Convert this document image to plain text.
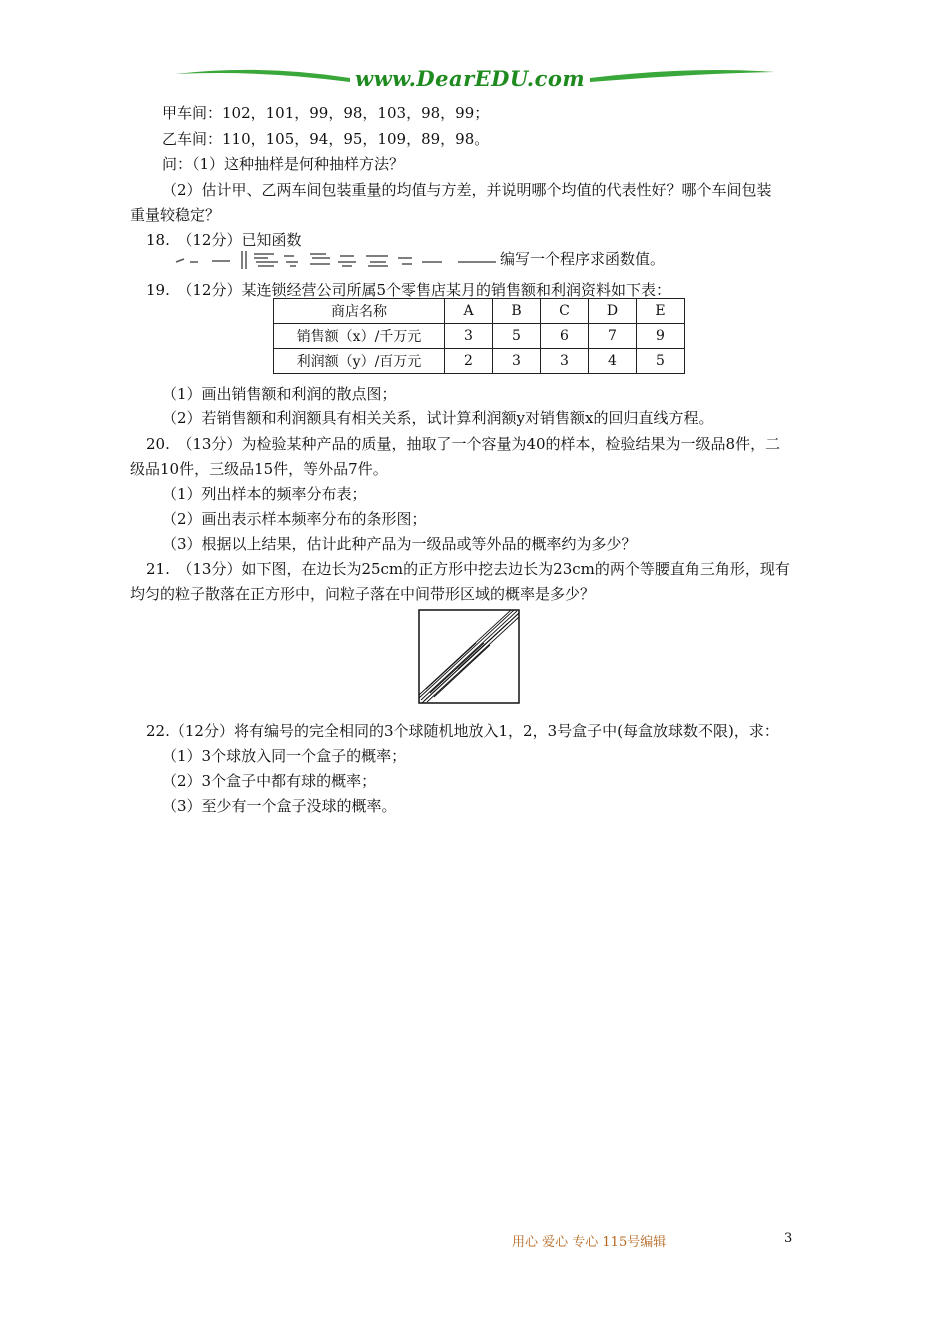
www.DearEDU.com
甲车间：102，101，99，98，103，98，99；
乙车间：110，105，94，95，109，89，98。
问：（1）这种抽样是何种抽样方法？
（2）估计甲、乙两车间包装重量的均值与方差，并说明哪个均值的代表性好？哪个车间包装
重量较稳定？
18.　（12分）已知函数
编写一个程序求函数值。
19.　（12分）某连锁经营公司所属5个零售店某月的销售额和利润资料如下表：
商店名称	A	B	C	D	E
销售额（x）/千万元	3	5	6	7	9
利润额（y）/百万元	2	3	3	4	5
（1）画出销售额和利润的散点图；
（2）若销售额和利润额具有相关关系，试计算利润额y对销售额x的回归直线方程。
20.　（13分）为检验某种产品的质量，抽取了一个容量为40的样本，检验结果为一级品8件，二
级品10件，三级品15件，等外品7件。
（1）列出样本的频率分布表；
（2）画出表示样本频率分布的条形图；
（3）根据以上结果，估计此种产品为一级品或等外品的概率约为多少？
21.　（13分）如下图，在边长为25cm的正方形中挖去边长为23cm的两个等腰直角三角形，现有
均匀的粒子散落在正方形中，问粒子落在中间带形区域的概率是多少？
22.（12分）将有编号的完全相同的3个球随机地放入1，2，3号盒子中(每盒放球数不限)，求：
（1）3个球放入同一个盒子的概率；
（2）3个盒子中都有球的概率；
（3）至少有一个盒子没球的概率。
用心 爱心 专心 115号编辑	3
